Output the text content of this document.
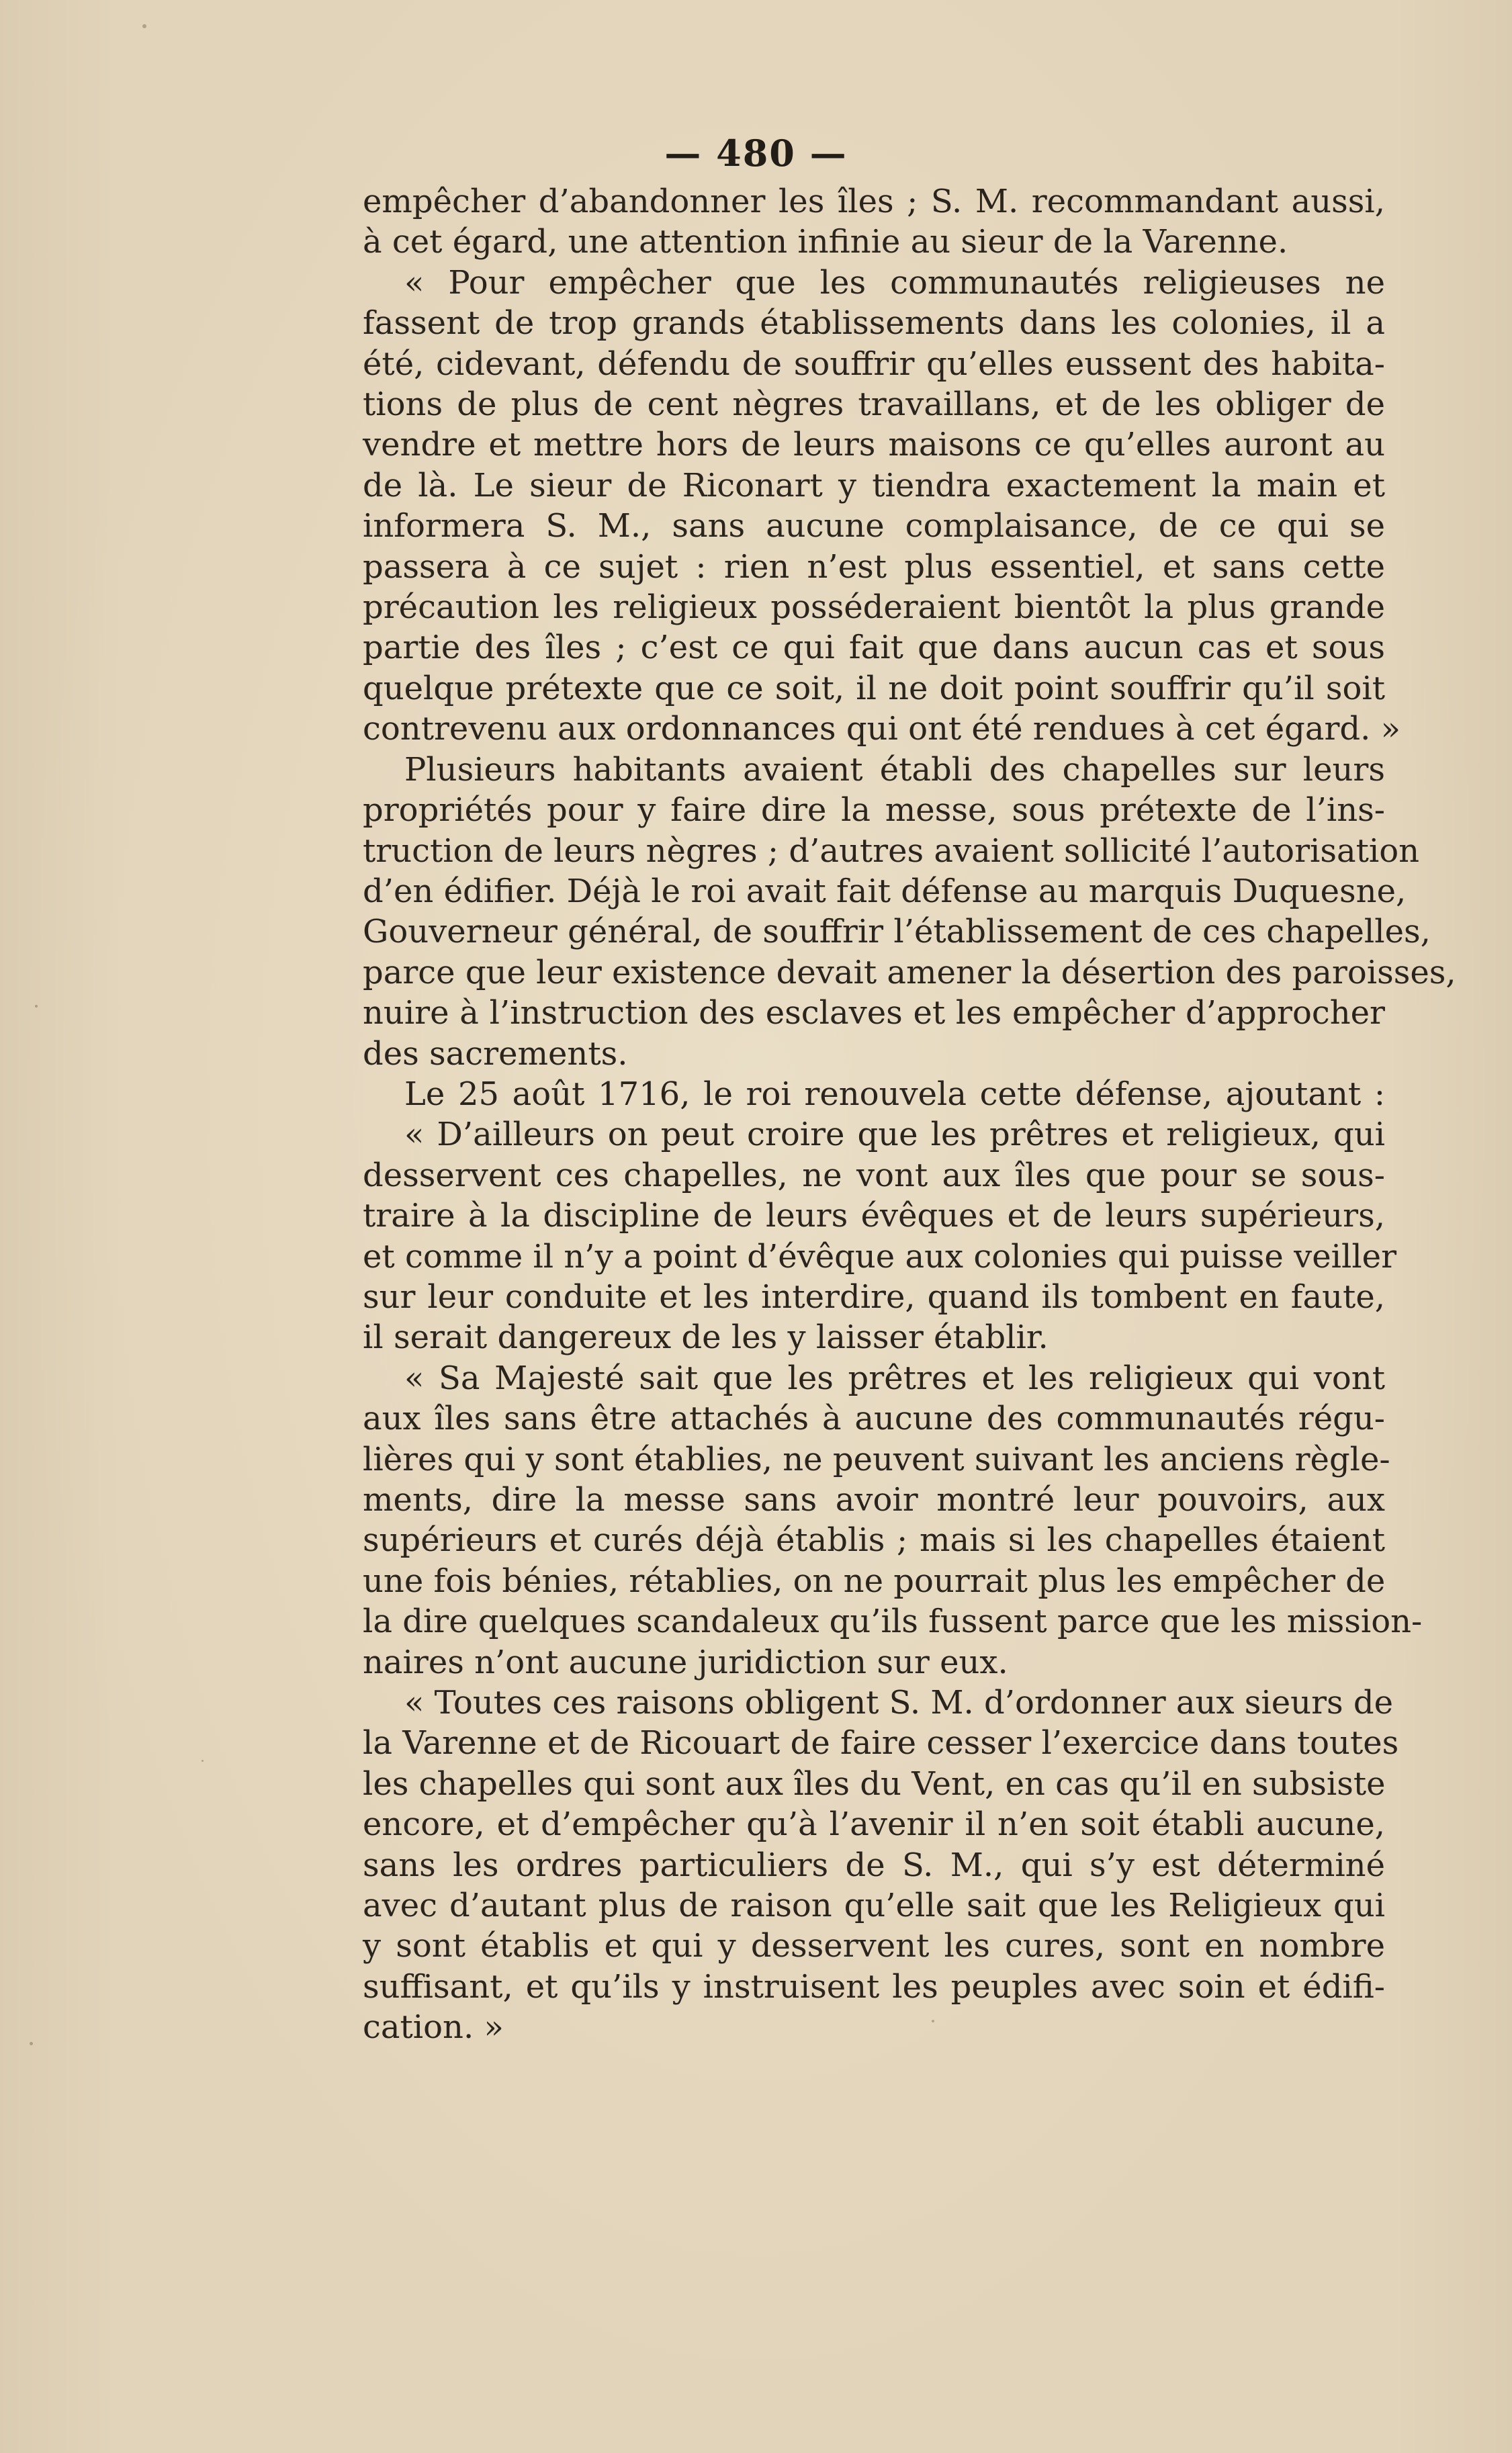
— 480 —
empêcher d’abandonner les îles ; S. M. recommandant aussi,
à cet égard, une attention infinie au sieur de la Varenne.
« Pour empêcher que les communautés religieuses ne
fassent de trop grands établissements dans les colonies, il a
été, cidevant, défendu de souffrir qu’elles eussent des habita-
tions de plus de cent nègres travaillans, et de les obliger de
vendre et mettre hors de leurs maisons ce qu’elles auront au
de là. Le sieur de Riconart y tiendra exactement la main et
informera S. M., sans aucune complaisance, de ce qui se
passera à ce sujet : rien n’est plus essentiel, et sans cette
précaution les religieux posséderaient bientôt la plus grande
partie des îles ; c’est ce qui fait que dans aucun cas et sous
quelque prétexte que ce soit, il ne doit point souffrir qu’il soit
contrevenu aux ordonnances qui ont été rendues à cet égard. »
Plusieurs habitants avaient établi des chapelles sur leurs
propriétés pour y faire dire la messe, sous prétexte de l’ins-
truction de leurs nègres ; d’autres avaient sollicité l’autorisation
d’en édifier. Déjà le roi avait fait défense au marquis Duquesne,
Gouverneur général, de souffrir l’établissement de ces chapelles,
parce que leur existence devait amener la désertion des paroisses,
nuire à l’instruction des esclaves et les empêcher d’approcher
des sacrements.
Le 25 août 1716, le roi renouvela cette défense, ajoutant :
« D’ailleurs on peut croire que les prêtres et religieux, qui
desservent ces chapelles, ne vont aux îles que pour se sous-
traire à la discipline de leurs évêques et de leurs supérieurs,
et comme il n’y a point d’évêque aux colonies qui puisse veiller
sur leur conduite et les interdire, quand ils tombent en faute,
il serait dangereux de les y laisser établir.
« Sa Majesté sait que les prêtres et les religieux qui vont
aux îles sans être attachés à aucune des communautés régu-
lières qui y sont établies, ne peuvent suivant les anciens règle-
ments, dire la messe sans avoir montré leur pouvoirs, aux
supérieurs et curés déjà établis ; mais si les chapelles étaient
une fois bénies, rétablies, on ne pourrait plus les empêcher de
la dire quelques scandaleux qu’ils fussent parce que les mission-
naires n’ont aucune juridiction sur eux.
« Toutes ces raisons obligent S. M. d’ordonner aux sieurs de
la Varenne et de Ricouart de faire cesser l’exercice dans toutes
les chapelles qui sont aux îles du Vent, en cas qu’il en subsiste
encore, et d’empêcher qu’à l’avenir il n’en soit établi aucune,
sans les ordres particuliers de S. M., qui s’y est déterminé
avec d’autant plus de raison qu’elle sait que les Religieux qui
y sont établis et qui y desservent les cures, sont en nombre
suffisant, et qu’ils y instruisent les peuples avec soin et édifi-
cation. »
